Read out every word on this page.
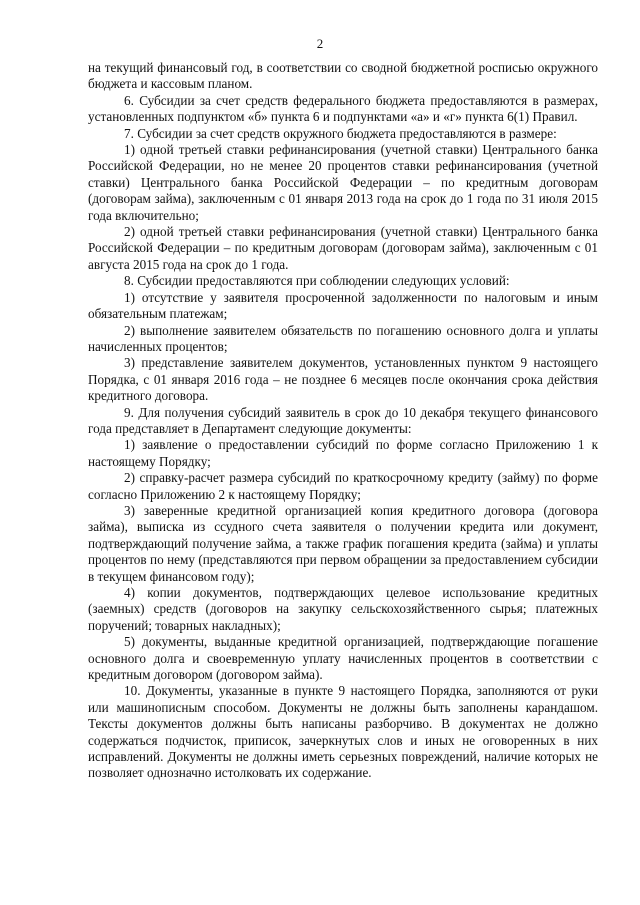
2

на текущий финансовый год, в соответствии со сводной бюджетной росписью окружного бюджета и кассовым планом.

6. Субсидии за счет средств федерального бюджета предоставляются в размерах, установленных подпунктом «б» пункта 6 и подпунктами «а» и «г» пункта 6(1) Правил.

7. Субсидии за счет средств окружного бюджета предоставляются в размере:

1) одной третьей ставки рефинансирования (учетной ставки) Центрального банка Российской Федерации, но не менее 20 процентов ставки рефинансирования (учетной ставки) Центрального банка Российской Федерации – по кредитным договорам (договорам займа), заключенным с 01 января 2013 года на срок до 1 года по 31 июля 2015 года включительно;

2) одной третьей ставки рефинансирования (учетной ставки) Центрального банка Российской Федерации – по кредитным договорам (договорам займа), заключенным с 01 августа 2015 года на срок до 1 года.

8. Субсидии предоставляются при соблюдении следующих условий:

1) отсутствие у заявителя просроченной задолженности по налоговым и иным обязательным платежам;

2) выполнение заявителем обязательств по погашению основного долга и уплаты начисленных процентов;

3) представление заявителем документов, установленных пунктом 9 настоящего Порядка, с 01 января 2016 года – не позднее 6 месяцев после окончания срока действия кредитного договора.

9. Для получения субсидий заявитель в срок до 10 декабря текущего финансового года представляет в Департамент следующие документы:

1) заявление о предоставлении субсидий по форме согласно Приложению 1 к настоящему Порядку;

2) справку-расчет размера субсидий по краткосрочному кредиту (займу) по форме согласно Приложению 2 к настоящему Порядку;

3) заверенные кредитной организацией копия кредитного договора (договора займа), выписка из ссудного счета заявителя о получении кредита или документ, подтверждающий получение займа, а также график погашения кредита (займа) и уплаты процентов по нему (представляются при первом обращении за предоставлением субсидии в текущем финансовом году);

4) копии документов, подтверждающих целевое использование кредитных (заемных) средств (договоров на закупку сельскохозяйственного сырья; платежных поручений; товарных накладных);

5) документы, выданные кредитной организацией, подтверждающие погашение основного долга и своевременную уплату начисленных процентов в соответствии с кредитным договором (договором займа).

10. Документы, указанные в пункте 9 настоящего Порядка, заполняются от руки или машинописным способом. Документы не должны быть заполнены карандашом. Тексты документов должны быть написаны разборчиво. В документах не должно содержаться подчисток, приписок, зачеркнутых слов и иных не оговоренных в них исправлений. Документы не должны иметь серьезных повреждений, наличие которых не позволяет однозначно истолковать их содержание.
